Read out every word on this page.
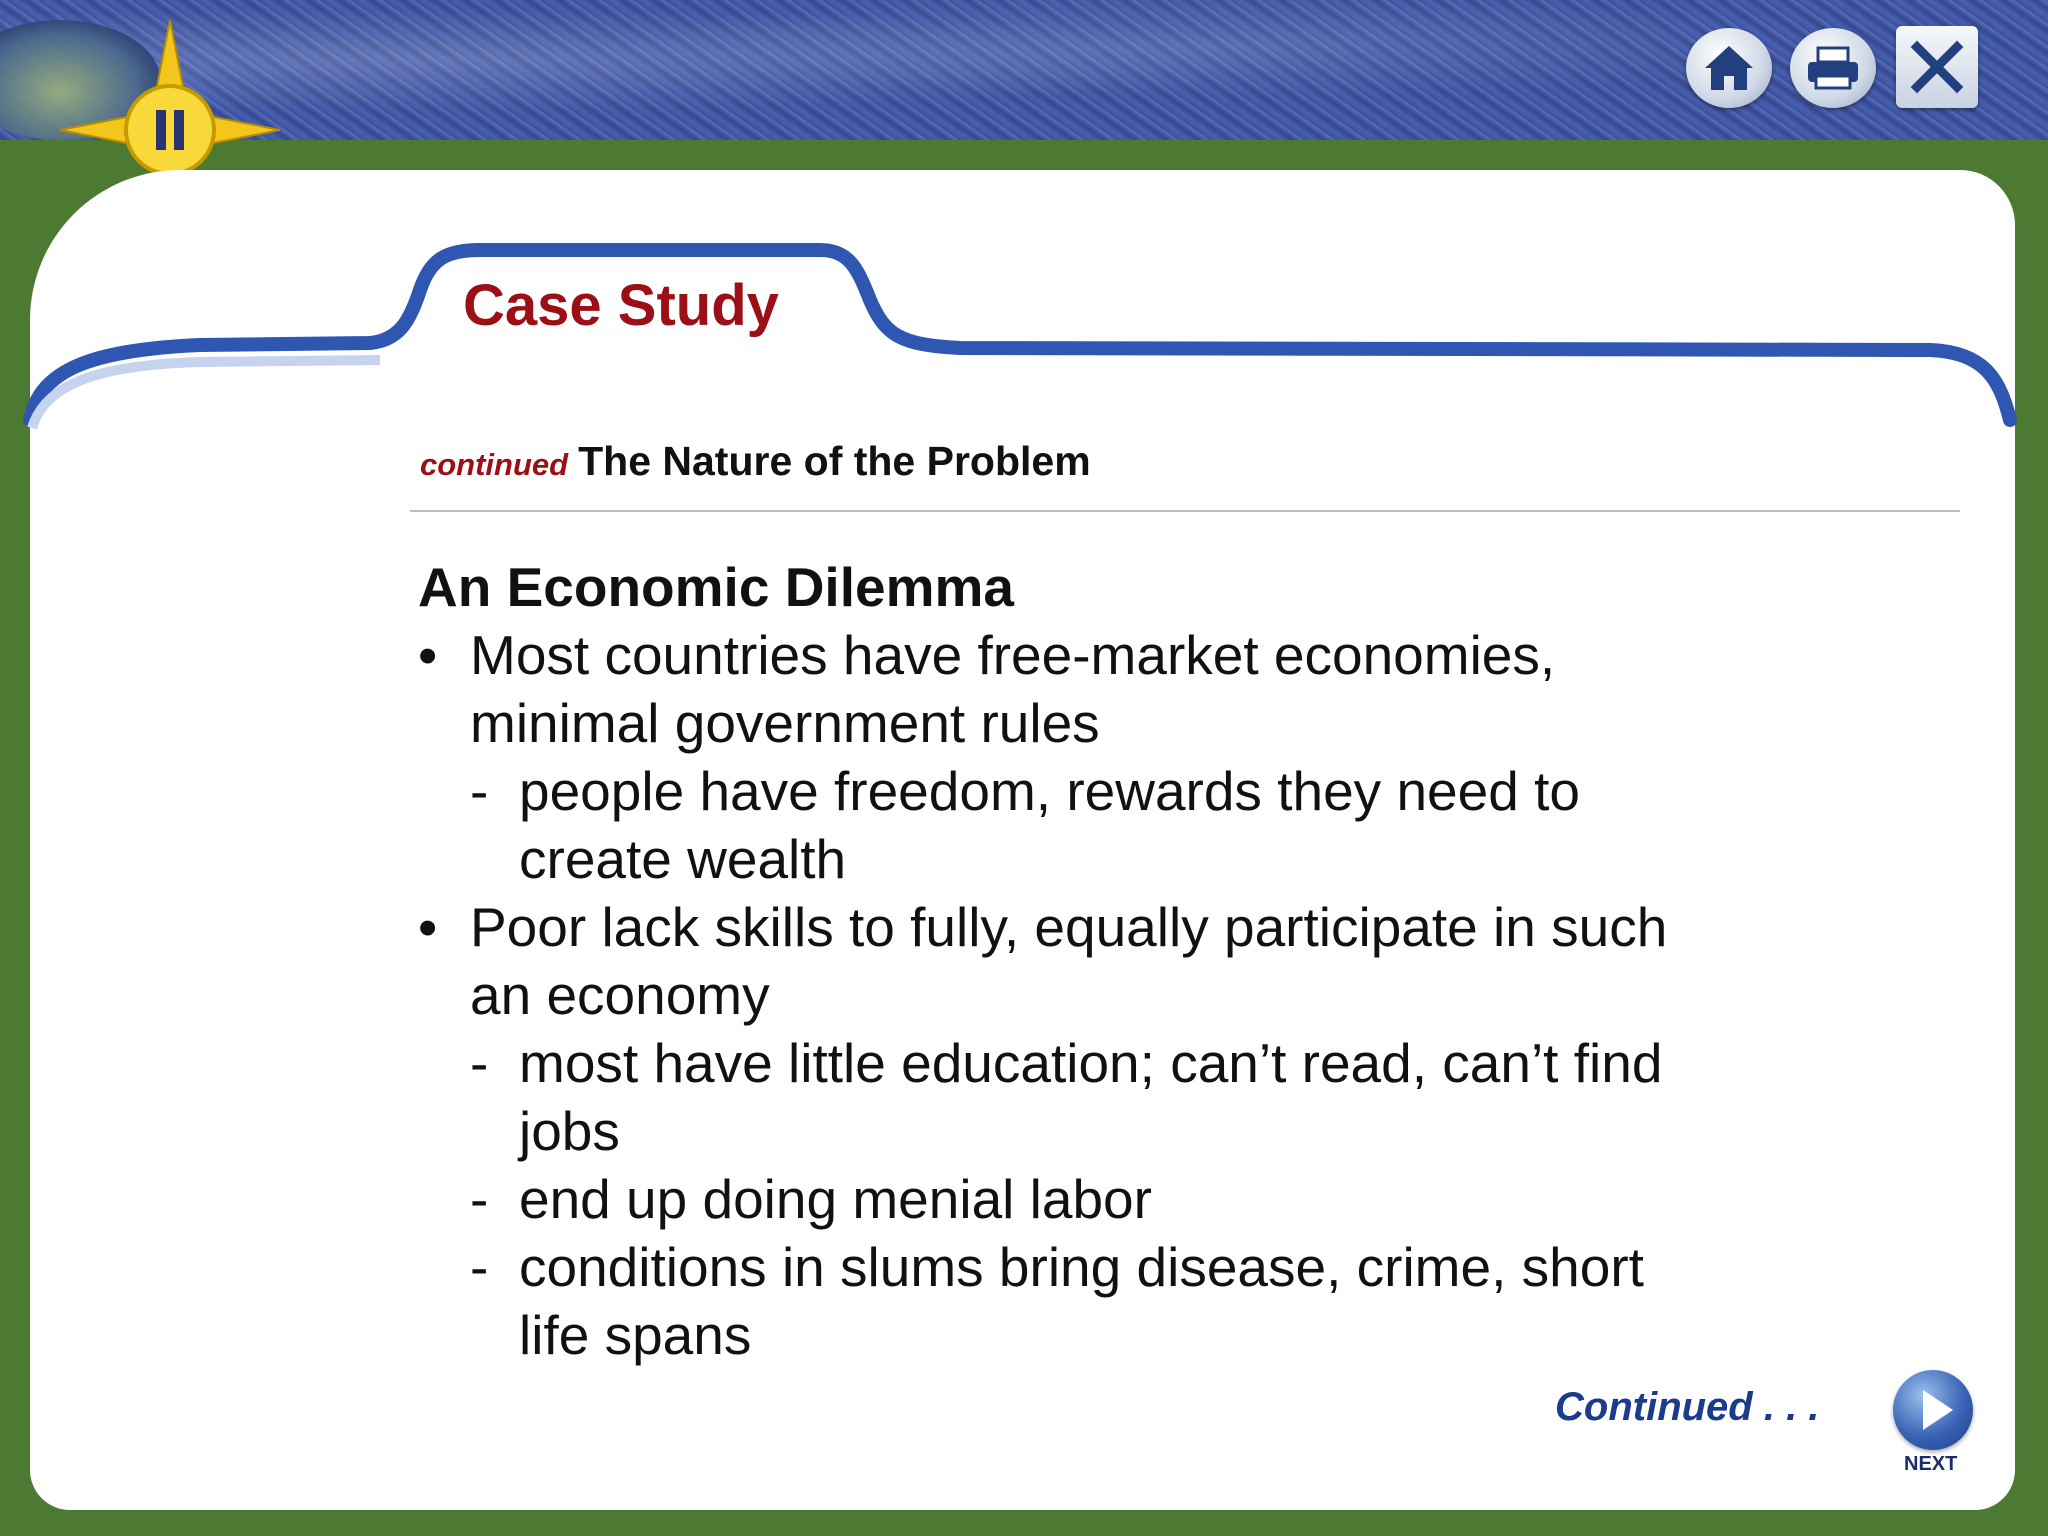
Case Study
continued The Nature of the Problem
An Economic Dilemma
• Most countries have free-market economies, minimal government rules
- people have freedom, rewards they need to create wealth
• Poor lack skills to fully, equally participate in such an economy
- most have little education; can’t read, can’t find jobs
- end up doing menial labor
- conditions in slums bring disease, crime, short life spans
Continued . . .
NEXT
